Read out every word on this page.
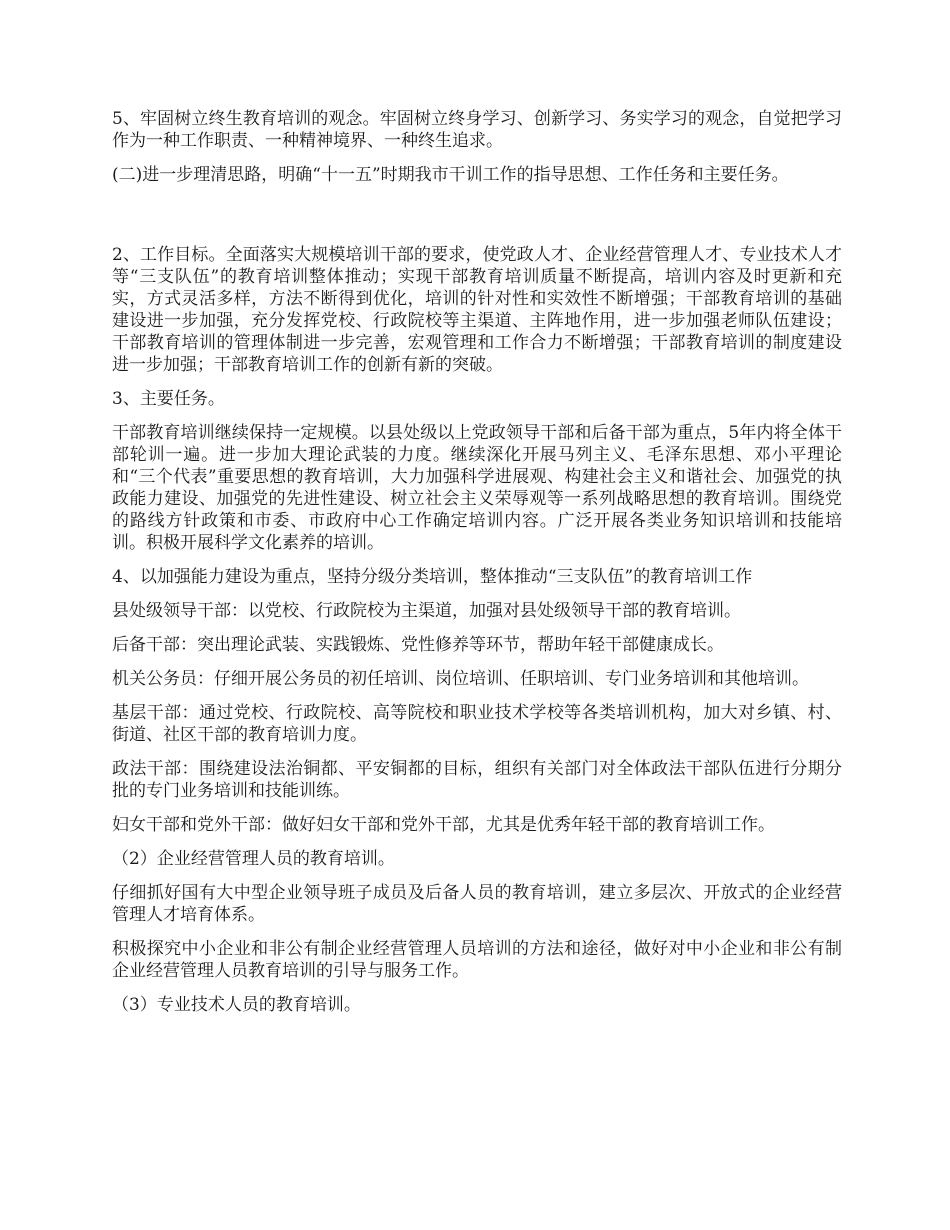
5、牢固树立终生教育培训的观念。牢固树立终身学习、创新学习、务实学习的观念，自觉把学习作为一种工作职责、一种精神境界、一种终生追求。

(二)进一步理清思路，明确“十一五”时期我市干训工作的指导思想、工作任务和主要任务。

2、工作目标。全面落实大规模培训干部的要求，使党政人才、企业经营管理人才、专业技术人才等“三支队伍”的教育培训整体推动；实现干部教育培训质量不断提高，培训内容及时更新和充实，方式灵活多样，方法不断得到优化，培训的针对性和实效性不断增强；干部教育培训的基础建设进一步加强，充分发挥党校、行政院校等主渠道、主阵地作用，进一步加强老师队伍建设；干部教育培训的管理体制进一步完善，宏观管理和工作合力不断增强；干部教育培训的制度建设进一步加强；干部教育培训工作的创新有新的突破。

3、主要任务。

干部教育培训继续保持一定规模。以县处级以上党政领导干部和后备干部为重点，5年内将全体干部轮训一遍。进一步加大理论武装的力度。继续深化开展马列主义、毛泽东思想、邓小平理论和“三个代表”重要思想的教育培训，大力加强科学进展观、构建社会主义和谐社会、加强党的执政能力建设、加强党的先进性建设、树立社会主义荣辱观等一系列战略思想的教育培训。围绕党的路线方针政策和市委、市政府中心工作确定培训内容。广泛开展各类业务知识培训和技能培训。积极开展科学文化素养的培训。

4、以加强能力建设为重点，坚持分级分类培训，整体推动“三支队伍”的教育培训工作

县处级领导干部：以党校、行政院校为主渠道，加强对县处级领导干部的教育培训。

后备干部：突出理论武装、实践锻炼、党性修养等环节，帮助年轻干部健康成长。

机关公务员：仔细开展公务员的初任培训、岗位培训、任职培训、专门业务培训和其他培训。

基层干部：通过党校、行政院校、高等院校和职业技术学校等各类培训机构，加大对乡镇、村、街道、社区干部的教育培训力度。

政法干部：围绕建设法治铜都、平安铜都的目标，组织有关部门对全体政法干部队伍进行分期分批的专门业务培训和技能训练。

妇女干部和党外干部：做好妇女干部和党外干部，尤其是优秀年轻干部的教育培训工作。

（2）企业经营管理人员的教育培训。

仔细抓好国有大中型企业领导班子成员及后备人员的教育培训，建立多层次、开放式的企业经营管理人才培育体系。

积极探究中小企业和非公有制企业经营管理人员培训的方法和途径，做好对中小企业和非公有制企业经营管理人员教育培训的引导与服务工作。

（3）专业技术人员的教育培训。
